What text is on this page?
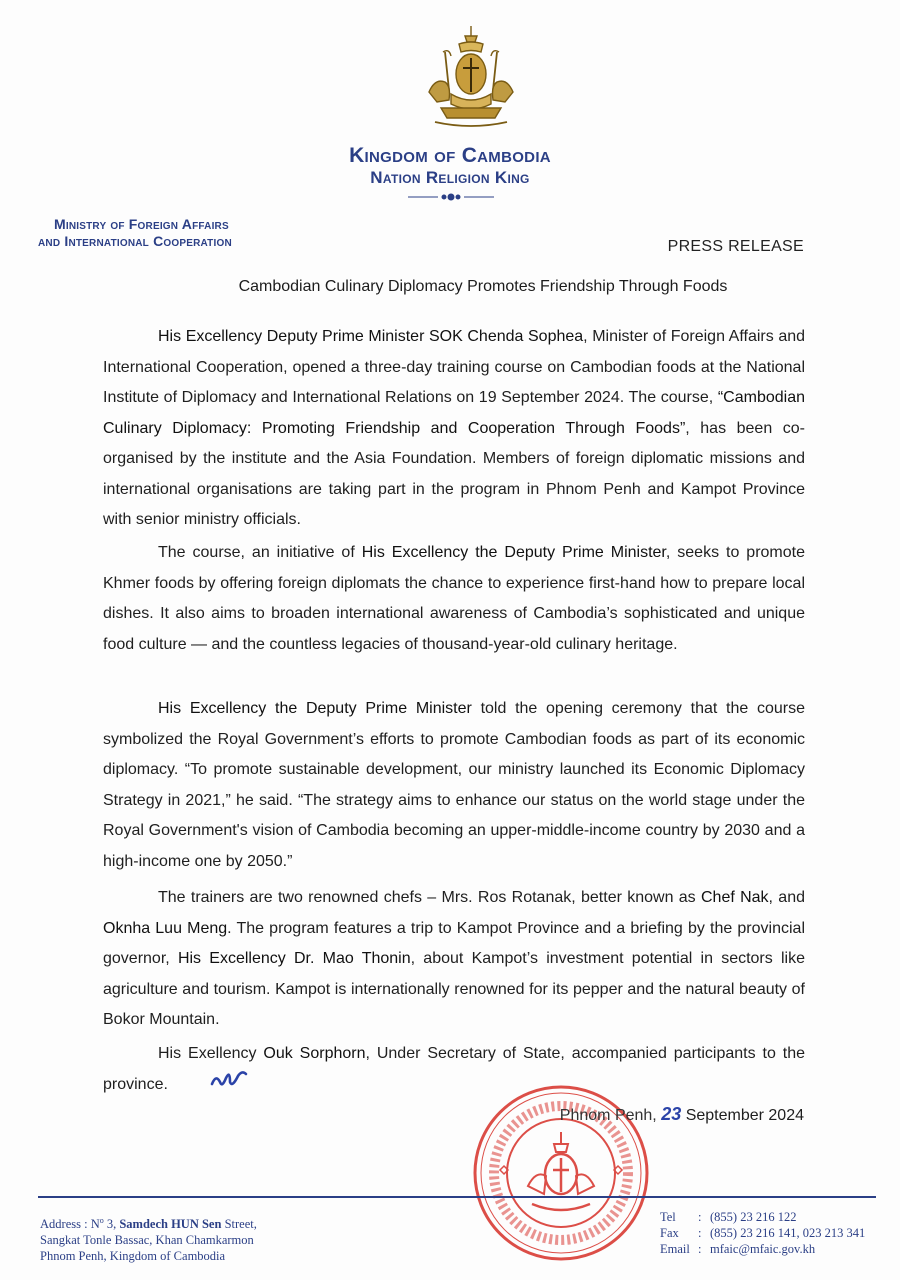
Kingdom of Cambodia
Nation Religion King
Ministry of Foreign Affairs
and International Cooperation	PRESS RELEASE
Cambodian Culinary Diplomacy Promotes Friendship Through Foods

His Excellency Deputy Prime Minister SOK Chenda Sophea, Minister of Foreign Affairs and International Cooperation, opened a three-day training course on Cambodian foods at the National Institute of Diplomacy and International Relations on 19 September 2024. The course, “Cambodian Culinary Diplomacy: Promoting Friendship and Cooperation Through Foods”, has been co-organised by the institute and the Asia Foundation. Members of foreign diplomatic missions and international organisations are taking part in the program in Phnom Penh and Kampot Province with senior ministry officials.

The course, an initiative of His Excellency the Deputy Prime Minister, seeks to promote Khmer foods by offering foreign diplomats the chance to experience first-hand how to prepare local dishes. It also aims to broaden international awareness of Cambodia’s sophisticated and unique food culture — and the countless legacies of thousand-year-old culinary heritage.

His Excellency the Deputy Prime Minister told the opening ceremony that the course symbolized the Royal Government’s efforts to promote Cambodian foods as part of its economic diplomacy. “To promote sustainable development, our ministry launched its Economic Diplomacy Strategy in 2021,” he said. “The strategy aims to enhance our status on the world stage under the Royal Government's vision of Cambodia becoming an upper-middle-income country by 2030 and a high-income one by 2050.”

The trainers are two renowned chefs – Mrs. Ros Rotanak, better known as Chef Nak, and Oknha Luu Meng. The program features a trip to Kampot Province and a briefing by the provincial governor, His Excellency Dr. Mao Thonin, about Kampot’s investment potential in sectors like agriculture and tourism. Kampot is internationally renowned for its pepper and the natural beauty of Bokor Mountain.

His Exellency Ouk Sorphorn, Under Secretary of State, accompanied participants to the province.

Phnom Penh, 23 September 2024
Address : $N^o$ 3, Samdech HUN Sen Street,
Sangkat Tonle Bassac, Khan Chamkarmon
Phnom Penh, Kingdom of Cambodia
Tel	: (855) 23 216 122
Fax	: (855) 23 216 141, 023 213 341
Email : mfaic@mfaic.gov.kh
